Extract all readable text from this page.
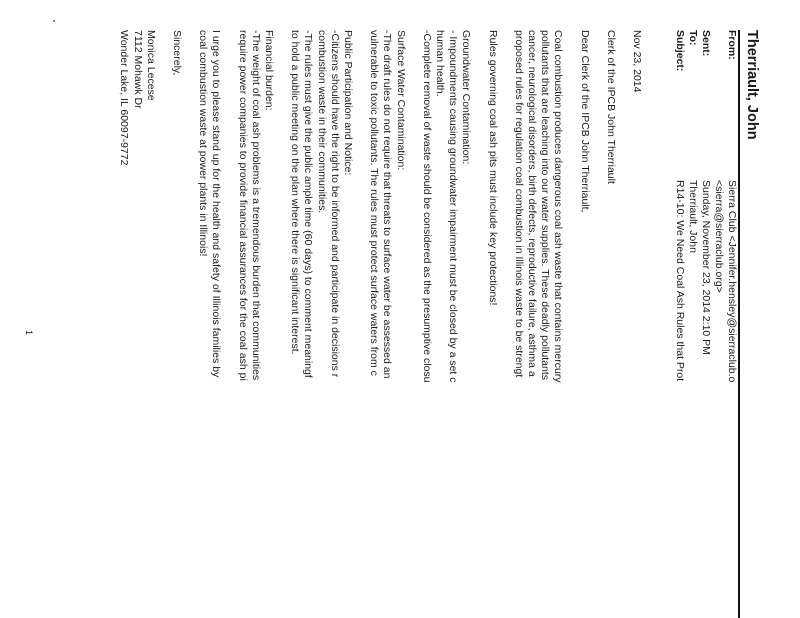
Therriault, John
From:
Sierra Club <Jennifer.hensley@sierraclub.o
<sierra@sierraclub.org>
Sent:
Sunday, November 23, 2014 2:10 PM
To:
Therriault, John
Subject:
R14-10: We Need Coal Ash Rules that Prot

Nov 23, 2014

Clerk of the IPCB John Therriault

Dear Clerk of the IPCB John Therriault,

Coal combustion produces dangerous coal ash waste that contains mercury

pollutants that are leaching into our water supplies. These deadly pollutants

cancer, neurological disorders, birth defects, reproductive failure, asthma a

proposed rules for regulation coal combustion in Illinois waste to be strengt

Rules governing coal ash pits must include key protections!

Groundwater Contamination:

- Impoundments causing groundwater impairment must be closed by a set c

human health.

-Complete removal of waste should be considered as the presumptive closu

Surface Water Contamination:

-The draft rules do not require that threats to surface water be assessed an

vulnerable to toxic pollutants. The rules must protect surface waters from c

Public Participation and Notice:

-Citizens should have the right to be informed and participate in decisions r

combustion waste in their communities.

-The rules must give the public ample time (60 days) to comment meaningf

to hold a public meeting on the plan where there is significant interest.

Financial burden:

-The weight of coal ash problems is a tremendous burden that communities

require power companies to provide financial assurances for the coal ash pi

I urge you to please stand up for the health and safety of Illinois families by

coal combustion waste at power plants in Illinois!

Sincerely,

Monica Lecese

7112 Mohawk Dr

Wonder Lake, IL 60097-9772

1
